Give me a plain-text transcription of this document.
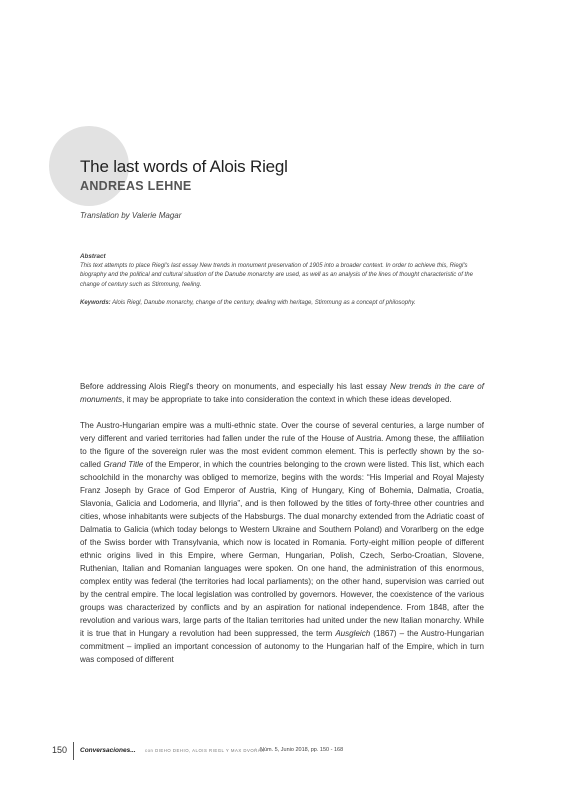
The last words of Alois Riegl
ANDREAS LEHNE

Translation by Valerie Magar

Abstract
This text attempts to place Riegl's last essay New trends in monument preservation of 1905 into a broader context. In order to achieve this, Riegl's biography and the political and cultural situation of the Danube monarchy are used, as well as an analysis of the lines of thought characteristic of the change of century such as Stimmung, feeling.
Keywords: Alois Riegl, Danube monarchy, change of the century, dealing with heritage, Stimmung as a concept of philosophy.

Before addressing Alois Riegl's theory on monuments, and especially his last essay New trends in the care of monuments, it may be appropriate to take into consideration the context in which these ideas developed.

The Austro-Hungarian empire was a multi-ethnic state. Over the course of several centuries, a large number of very different and varied territories had fallen under the rule of the House of Austria. Among these, the affiliation to the figure of the sovereign ruler was the most evident common element. This is perfectly shown by the so-called Grand Title of the Emperor, in which the countries belonging to the crown were listed. This list, which each schoolchild in the monarchy was obliged to memorize, begins with the words: “His Imperial and Royal Majesty Franz Joseph by Grace of God Emperor of Austria, King of Hungary, King of Bohemia, Dalmatia, Croatia, Slavonia, Galicia and Lodomeria, and Illyria”, and is then followed by the titles of forty-three other countries and cities, whose inhabitants were subjects of the Habsburgs. The dual monarchy extended from the Adriatic coast of Dalmatia to Galicia (which today belongs to Western Ukraine and Southern Poland) and Vorarlberg on the edge of the Swiss border with Transylvania, which now is located in Romania. Forty-eight million people of different ethnic origins lived in this Empire, where German, Hungarian, Polish, Czech, Serbo-Croatian, Slovene, Ruthenian, Italian and Romanian languages were spoken. On one hand, the administration of this enormous, complex entity was federal (the territories had local parliaments); on the other hand, supervision was carried out by the central empire. The local legislation was controlled by governors. However, the coexistence of the various groups was characterized by conflicts and by an aspiration for national independence. From 1848, after the revolution and various wars, large parts of the Italian territories had united under the new Italian monarchy. While it is true that in Hungary a revolution had been suppressed, the term Ausgleich (1867) – the Austro-Hungarian commitment – implied an important concession of autonomy to the Hungarian half of the Empire, which in turn was composed of different

150 Conversaciones... con DIEHO DEHIO, ALOIS RIEGL Y MAX DVOŘÁK
Núm. 5, Junio 2018, pp. 150 - 168
